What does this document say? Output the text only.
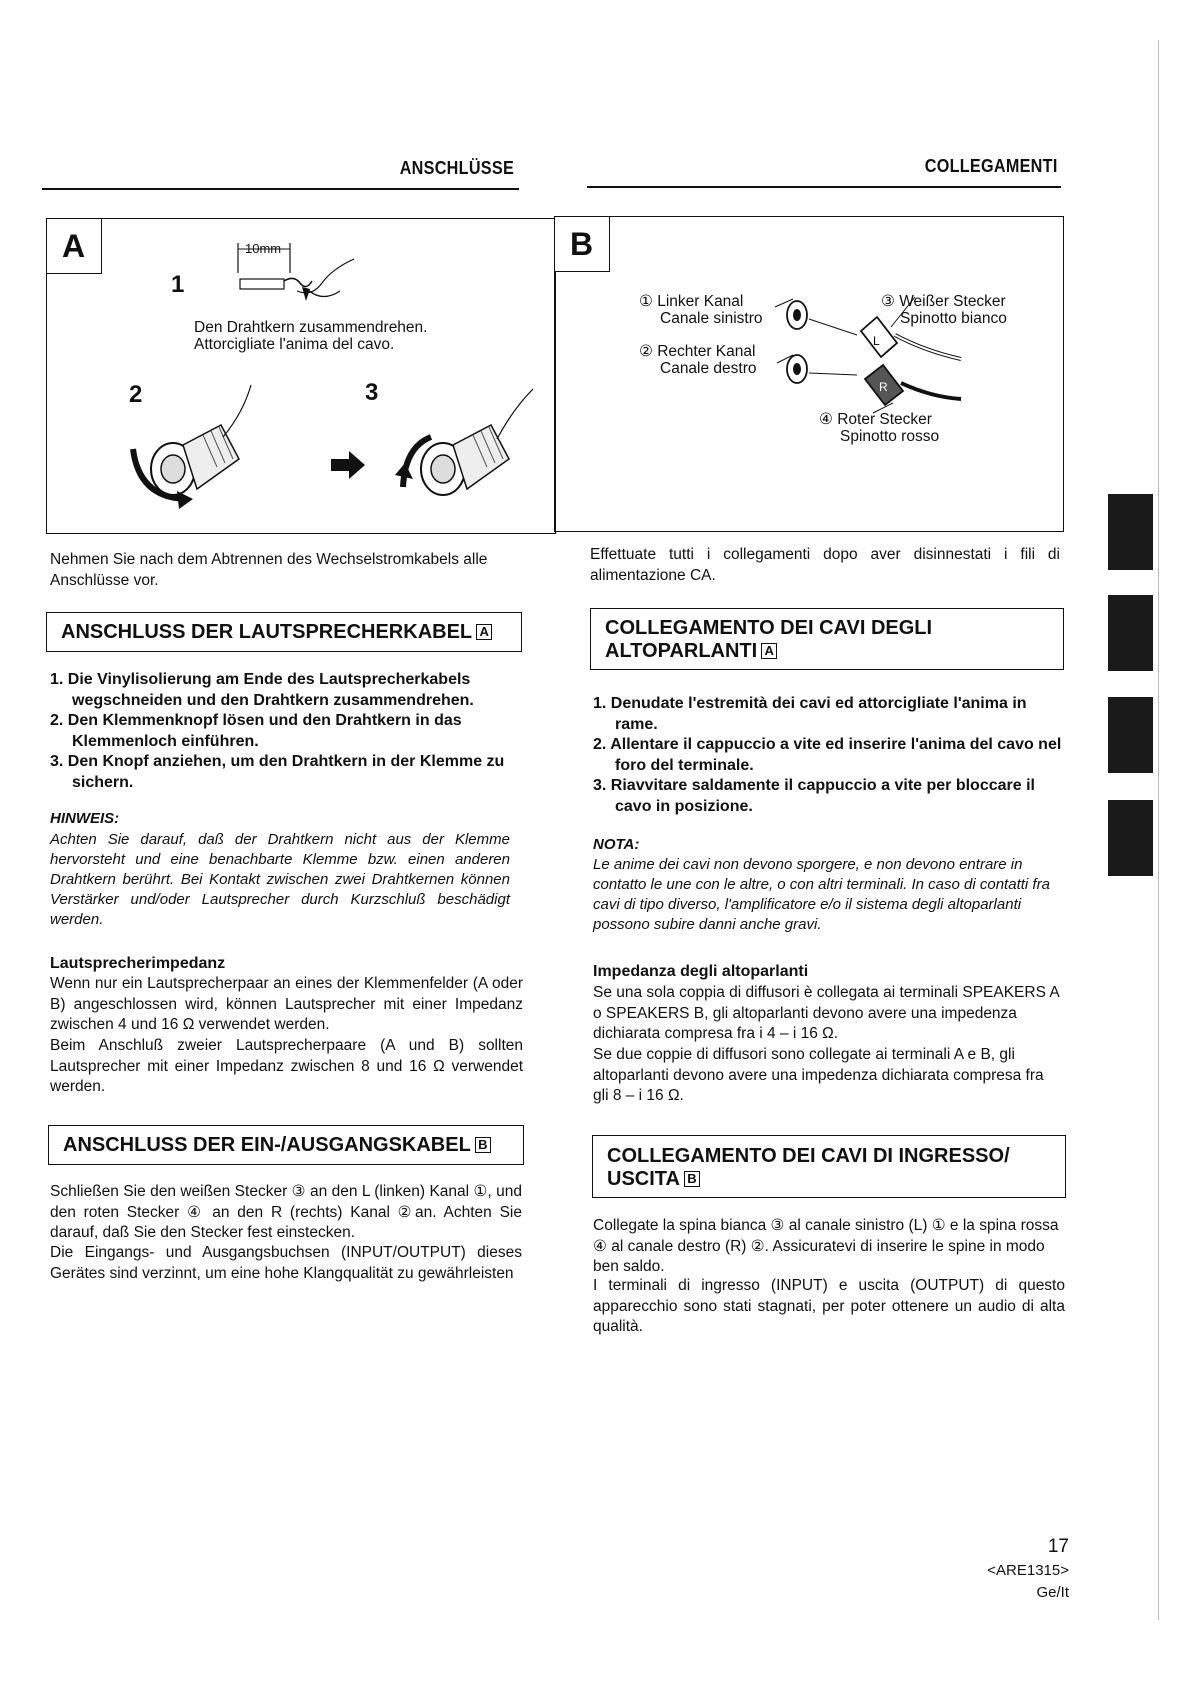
ANSCHLÜSSE	COLLEGAMENTI
A	10mm
1
Den Drahtkern zusammendrehen.
Attorcigliate l'anima del cavo.
2	3
B
① Linker Kanal
Canale sinistro
② Rechter Kanal
Canale destro
③ Weißer Stecker
Spinotto bianco
④ Roter Stecker
Spinotto rosso
L
R
Nehmen Sie nach dem Abtrennen des Wechselstromkabels alle Anschlüsse vor.
ANSCHLUSS DER LAUTSPRECHERKABEL A
1. Die Vinylisolierung am Ende des Lautsprecherkabels wegschneiden und den Drahtkern zusammendrehen.
2. Den Klemmenknopf lösen und den Drahtkern in das Klemmenloch einführen.
3. Den Knopf anziehen, um den Drahtkern in der Klemme zu sichern.
HINWEIS:
Achten Sie darauf, daß der Drahtkern nicht aus der Klemme hervorsteht und eine benachbarte Klemme bzw. einen anderen Drahtkern berührt. Bei Kontakt zwischen zwei Drahtkernen können Verstärker und/oder Lautsprecher durch Kurzschluß beschädigt werden.
Lautsprecherimpedanz
Wenn nur ein Lautsprecherpaar an eines der Klemmenfelder (A oder B) angeschlossen wird, können Lautsprecher mit einer Impedanz zwischen 4 und 16 Ω verwendet werden.
Beim Anschluß zweier Lautsprecherpaare (A und B) sollten Lautsprecher mit einer Impedanz zwischen 8 und 16 Ω verwendet werden.
ANSCHLUSS DER EIN-/AUSGANGSKABEL B
Schließen Sie den weißen Stecker ③ an den L (linken) Kanal ①, und den roten Stecker ④ an den R (rechts) Kanal ②an. Achten Sie darauf, daß Sie den Stecker fest einstecken.
Die Eingangs- und Ausgangsbuchsen (INPUT/OUTPUT) dieses Gerätes sind verzinnt, um eine hohe Klangqualität zu gewährleisten
Effettuate tutti i collegamenti dopo aver disinnestati i fili di alimentazione CA.
COLLEGAMENTO DEI CAVI DEGLI
ALTOPARLANTI A
1. Denudate l'estremità dei cavi ed attorcigliate l'anima in rame.
2. Allentare il cappuccio a vite ed inserire l'anima del cavo nel foro del terminale.
3. Riavvitare saldamente il cappuccio a vite per bloccare il cavo in posizione.
NOTA:
Le anime dei cavi non devono sporgere, e non devono entrare in contatto le une con le altre, o con altri terminali. In caso di contatti fra cavi di tipo diverso, l'amplificatore e/o il sistema degli altoparlanti possono subire danni anche gravi.
Impedanza degli altoparlanti
Se una sola coppia di diffusori è collegata ai terminali SPEAKERS A o SPEAKERS B, gli altoparlanti devono avere una impedenza dichiarata compresa fra i 4 – i 16 Ω.
Se due coppie di diffusori sono collegate ai terminali A e B, gli altoparlanti devono avere una impedenza dichiarata compresa fra gli 8 – i 16 Ω.
COLLEGAMENTO DEI CAVI DI INGRESSO/
USCITA B
Collegate la spina bianca ③ al canale sinistro (L) ① e la spina rossa ④ al canale destro (R) ②. Assicuratevi di inserire le spine in modo ben saldo.
I terminali di ingresso (INPUT) e uscita (OUTPUT) di questo apparecchio sono stati stagnati, per poter ottenere un audio di alta qualità.
17
<ARE1315>
Ge/It
